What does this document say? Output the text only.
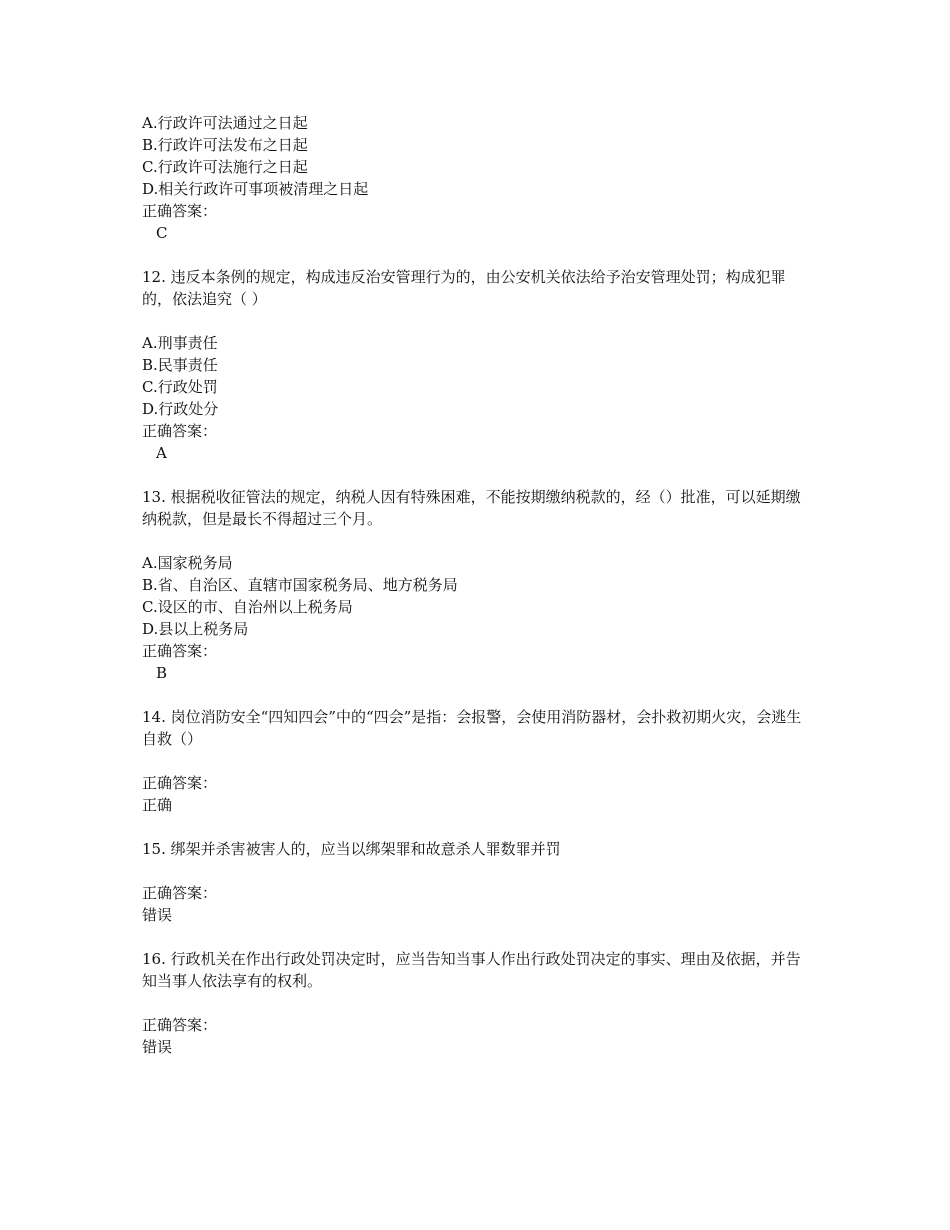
A.行政许可法通过之日起
B.行政许可法发布之日起
C.行政许可法施行之日起
D.相关行政许可事项被清理之日起
正确答案：
C
12. 违反本条例的规定，构成违反治安管理行为的，由公安机关依法给予治安管理处罚；构成犯罪的，依法追究（ ）
A.刑事责任
B.民事责任
C.行政处罚
D.行政处分
正确答案：
A
13. 根据税收征管法的规定，纳税人因有特殊困难，不能按期缴纳税款的，经（）批准，可以延期缴纳税款，但是最长不得超过三个月。
A.国家税务局
B.省、自治区、直辖市国家税务局、地方税务局
C.设区的市、自治州以上税务局
D.县以上税务局
正确答案：
B
14. 岗位消防安全“四知四会”中的“四会”是指：会报警，会使用消防器材，会扑救初期火灾，会逃生自救（）
正确答案：
正确
15. 绑架并杀害被害人的，应当以绑架罪和故意杀人罪数罪并罚
正确答案：
错误
16. 行政机关在作出行政处罚决定时，应当告知当事人作出行政处罚决定的事实、理由及依据，并告知当事人依法享有的权利。
正确答案：
错误
